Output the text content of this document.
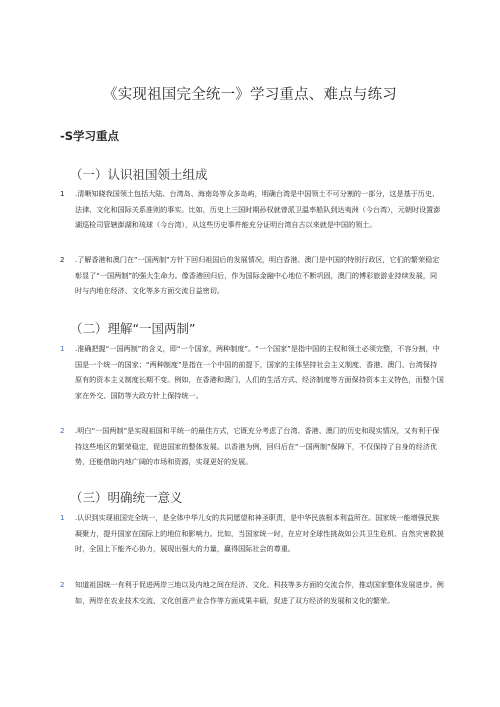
《实现祖国完全统一》学习重点、难点与练习
-S学习重点
（一）认识祖国领土组成
1	.清晰知晓我国领土包括大陆、台湾岛、海南岛等众多岛屿，明确台湾是中国领土不可分割的一部分，这是基于历史、法律、文化和国际关系准则的事实。比如，历史上三国时期孙权就曾派卫温率船队到达夷洲（今台湾），元朝时设置澎湖巡检司管辖澎湖和琉球（今台湾），从这些历史事件能充分证明台湾自古以来就是中国的领土。
2	.了解香港和澳门在“一国两制”方针下回归祖国后的发展情况，明白香港、澳门是中国的特别行政区，它们的繁荣稳定彰显了“一国两制”的强大生命力。像香港回归后，作为国际金融中心地位不断巩固，澳门的博彩旅游业持续发展，同时与内地在经济、文化等多方面交流日益密切。
（二）理解“一国两制”
1	.准确把握“一国两制”的含义，即“一个国家，两种制度”。“一个国家”是指中国的主权和领土必须完整，不容分割，中国是一个统一的国家；“两种制度”是指在一个中国的前提下，国家的主体坚持社会主义制度，香港、澳门、台湾保持原有的资本主义制度长期不变。例如，在香港和澳门，人们的生活方式、经济制度等方面保持资本主义特色，而整个国家在外交、国防等大政方针上保持统一。
2	.明白“一国两制”是实现祖国和平统一的最佳方式，它既充分考虑了台湾、香港、澳门的历史和现实情况，又有利于保持这些地区的繁荣稳定，促进国家的整体发展。以香港为例，回归后在“一国两制”保障下，不仅保持了自身的经济优势，还能借助内地广阔的市场和资源，实现更好的发展。
（三）明确统一意义
1	.认识到实现祖国完全统一，是全体中华儿女的共同愿望和神圣职责，是中华民族根本利益所在。国家统一能增强民族凝聚力，提升国家在国际上的地位和影响力。比如，当国家统一时，在应对全球性挑战如公共卫生危机、自然灾害救援时，全国上下能齐心协力，展现出强大的力量，赢得国际社会的尊重。
2	知道祖国统一有利于促进两岸三地以及内地之间在经济、文化、科技等多方面的交流合作，推动国家整体发展进步。例如，两岸在农业技术交流、文化创意产业合作等方面成果丰硕，促进了双方经济的发展和文化的繁荣。
